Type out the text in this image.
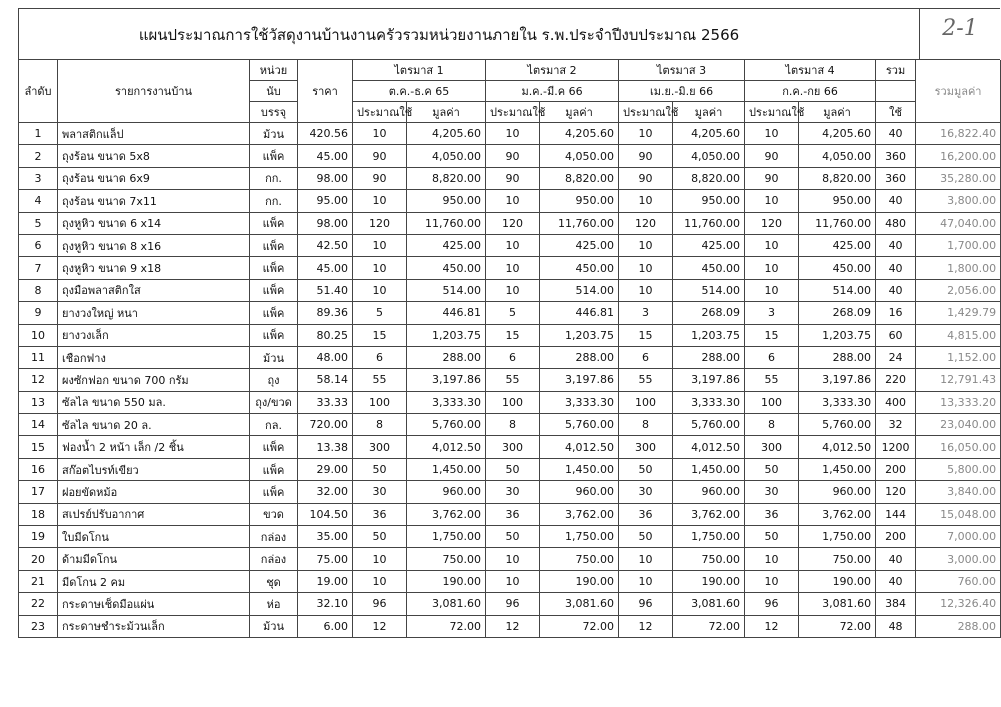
แผนประมาณการใช้วัสดุงานบ้านงานครัวรวมหน่วยงานภายใน ร.พ.ประจำปีงบประมาณ 2566	2-1
ลำดับ	รายการงานบ้าน	หน่วย	ราคา	ไตรมาส 1		ไตรมาส 2		ไตรมาส 3		ไตรมาส 4		รวม	รวมมูลค่า
		นับ		ต.ค.-ธ.ค 65		ม.ค.-มี.ค 66		เม.ย.-มิ.ย 66		ก.ค.-กย 66			
		บรรจุ		ประมาณใช้	มูลค่า	ประมาณใช้	มูลค่า	ประมาณใช้	มูลค่า	ประมาณใช้	มูลค่า	ใช้	
1	พลาสติกแล็ป	ม้วน	420.56	10	4,205.60	10	4,205.60	10	4,205.60	10	4,205.60	40	16,822.40
2	ถุงร้อน ขนาด 5x8	แพ็ค	45.00	90	4,050.00	90	4,050.00	90	4,050.00	90	4,050.00	360	16,200.00
3	ถุงร้อน ขนาด 6x9	กก.	98.00	90	8,820.00	90	8,820.00	90	8,820.00	90	8,820.00	360	35,280.00
4	ถุงร้อน ขนาด 7x11	กก.	95.00	10	950.00	10	950.00	10	950.00	10	950.00	40	3,800.00
5	ถุงหูหิว ขนาด 6 x14	แพ็ค	98.00	120	11,760.00	120	11,760.00	120	11,760.00	120	11,760.00	480	47,040.00
6	ถุงหูหิว ขนาด 8 x16	แพ็ค	42.50	10	425.00	10	425.00	10	425.00	10	425.00	40	1,700.00
7	ถุงหูหิว ขนาด 9 x18	แพ็ค	45.00	10	450.00	10	450.00	10	450.00	10	450.00	40	1,800.00
8	ถุงมือพลาสติกใส	แพ็ค	51.40	10	514.00	10	514.00	10	514.00	10	514.00	40	2,056.00
9	ยางวงใหญ่ หนา	แพ็ค	89.36	5	446.81	5	446.81	3	268.09	3	268.09	16	1,429.79
10	ยางวงเล็ก	แพ็ค	80.25	15	1,203.75	15	1,203.75	15	1,203.75	15	1,203.75	60	4,815.00
11	เชือกฟาง	ม้วน	48.00	6	288.00	6	288.00	6	288.00	6	288.00	24	1,152.00
12	ผงซักฟอก ขนาด 700 กรัม	ถุง	58.14	55	3,197.86	55	3,197.86	55	3,197.86	55	3,197.86	220	12,791.43
13	ซัลไล ขนาด 550 มล.	ถุง/ขวด	33.33	100	3,333.30	100	3,333.30	100	3,333.30	100	3,333.30	400	13,333.20
14	ซัลไล ขนาด 20 ล.	กล.	720.00	8	5,760.00	8	5,760.00	8	5,760.00	8	5,760.00	32	23,040.00
15	ฟองน้ำ 2 หน้า เล็ก /2 ชิ้น	แพ็ค	13.38	300	4,012.50	300	4,012.50	300	4,012.50	300	4,012.50	1200	16,050.00
16	สก๊อตไบรท์เขียว	แพ็ค	29.00	50	1,450.00	50	1,450.00	50	1,450.00	50	1,450.00	200	5,800.00
17	ฝอยขัดหม้อ	แพ็ค	32.00	30	960.00	30	960.00	30	960.00	30	960.00	120	3,840.00
18	สเปรย์ปรับอากาศ	ขวด	104.50	36	3,762.00	36	3,762.00	36	3,762.00	36	3,762.00	144	15,048.00
19	ใบมีดโกน	กล่อง	35.00	50	1,750.00	50	1,750.00	50	1,750.00	50	1,750.00	200	7,000.00
20	ด้ามมีดโกน	กล่อง	75.00	10	750.00	10	750.00	10	750.00	10	750.00	40	3,000.00
21	มีดโกน 2 คม	ชุด	19.00	10	190.00	10	190.00	10	190.00	10	190.00	40	760.00
22	กระดาษเช็ดมือแผ่น	ห่อ	32.10	96	3,081.60	96	3,081.60	96	3,081.60	96	3,081.60	384	12,326.40
23	กระดาษชำระม้วนเล็ก	ม้วน	6.00	12	72.00	12	72.00	12	72.00	12	72.00	48	288.00
